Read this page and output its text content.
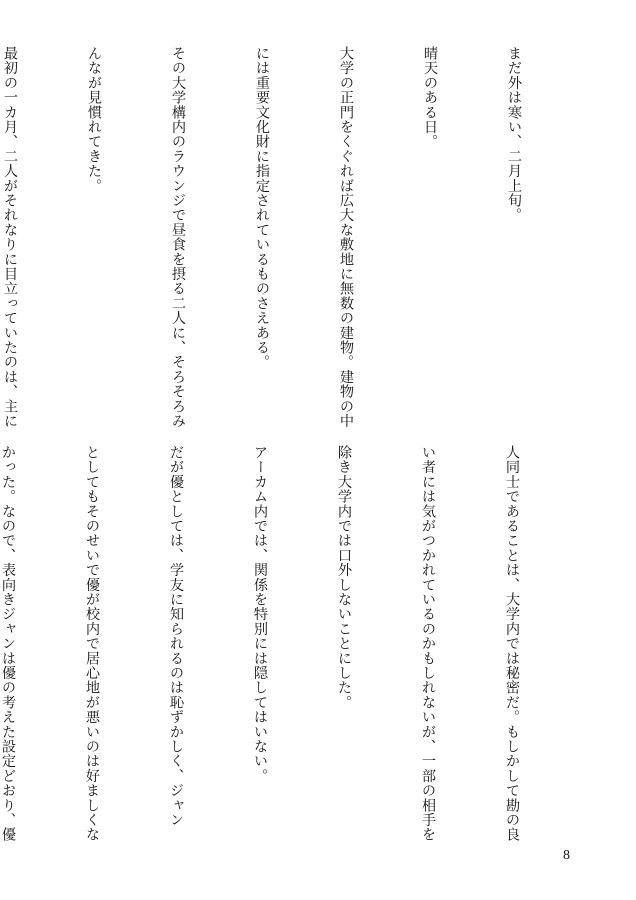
まだ外は寒い、二月上旬。

晴天のある日。

大学の正門をくぐれば広大な敷地に無数の建物。建物の中

には重要文化財に指定されているものさえある。

その大学構内のラウンジで昼食を摂る二人に、そろそろみ

んなが見慣れてきた。

最初の一カ月、二人がそれなりに目立っていたのは、主に

人同士であることは、大学内では秘密だ。もしかして勘の良

い者には気がつかれているのかもしれないが、一部の相手を

除き大学内では口外しないことにした。

アーカム内では、関係を特別には隠してはいない。

だが優としては、学友に知られるのは恥ずかしく、ジャン

としてもそのせいで優が校内で居心地が悪いのは好ましくな

かった。なので、表向きジャンは優の考えた設定どおり、優

8
